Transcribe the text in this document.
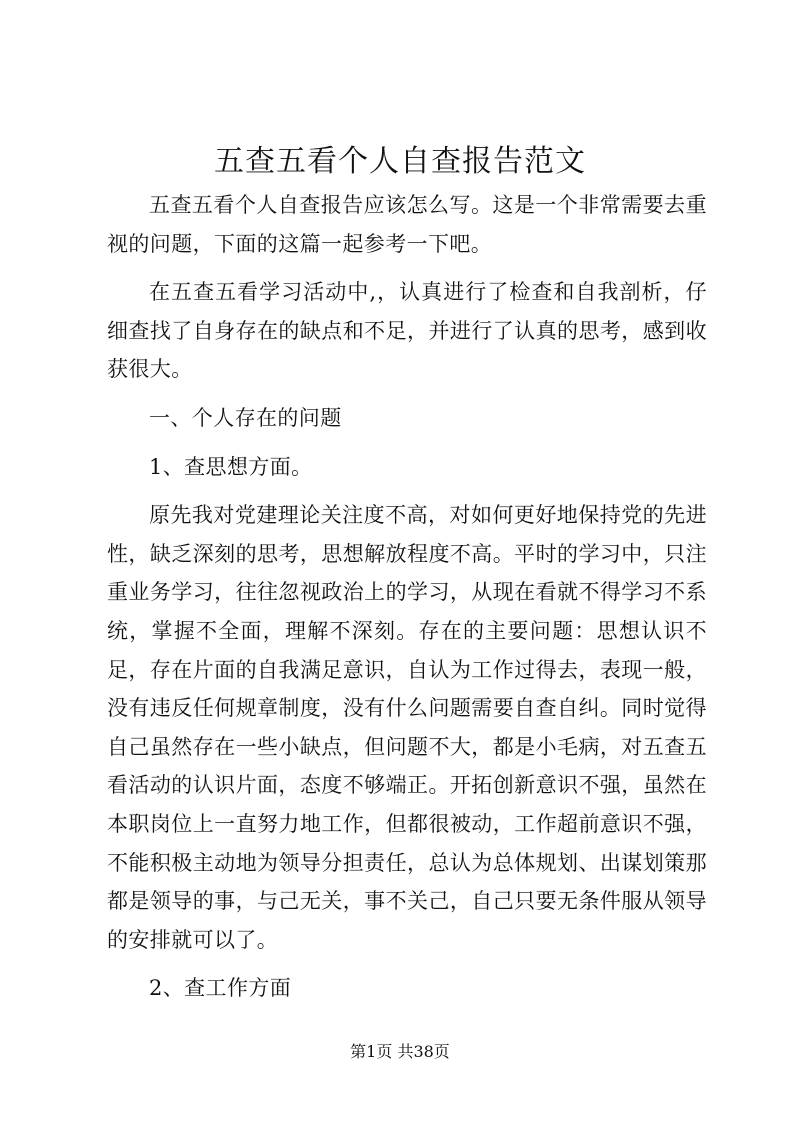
五查五看个人自查报告范文

五查五看个人自查报告应该怎么写。这是一个非常需要去重视的问题，下面的这篇一起参考一下吧。

在五查五看学习活动中,，认真进行了检查和自我剖析，仔细查找了自身存在的缺点和不足，并进行了认真的思考，感到收获很大。

一、个人存在的问题

1、查思想方面。

原先我对党建理论关注度不高，对如何更好地保持党的先进性，缺乏深刻的思考，思想解放程度不高。平时的学习中，只注重业务学习，往往忽视政治上的学习，从现在看就不得学习不系统，掌握不全面，理解不深刻。存在的主要问题：思想认识不足，存在片面的自我满足意识，自认为工作过得去，表现一般，没有违反任何规章制度，没有什么问题需要自查自纠。同时觉得自己虽然存在一些小缺点，但问题不大，都是小毛病，对五查五看活动的认识片面，态度不够端正。开拓创新意识不强，虽然在本职岗位上一直努力地工作，但都很被动，工作超前意识不强，不能积极主动地为领导分担责任，总认为总体规划、出谋划策那都是领导的事，与己无关，事不关己，自己只要无条件服从领导的安排就可以了。

2、查工作方面

第1页 共38页
